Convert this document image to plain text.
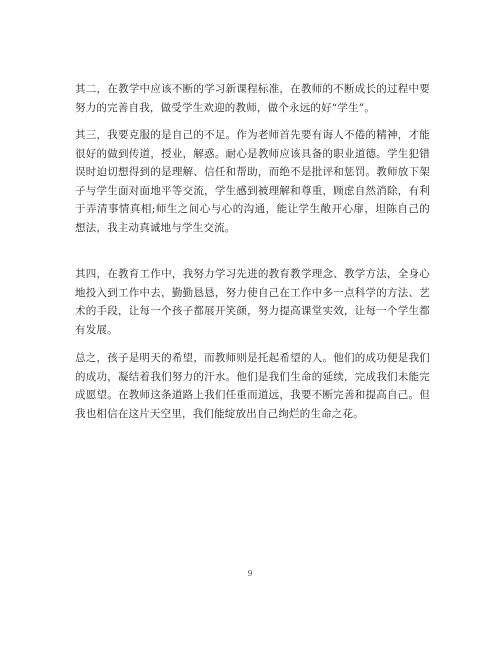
其二，在教学中应该不断的学习新课程标准，在教师的不断成长的过程中要努力的完善自我，做受学生欢迎的教师，做个永远的好“学生”。

其三，我要克服的是自己的不足。作为老师首先要有诲人不倦的精神，才能很好的做到传道，授业，解惑。耐心是教师应该具备的职业道德。学生犯错误时迫切想得到的是理解、信任和帮助，而绝不是批评和惩罚。教师放下架子与学生面对面地平等交流，学生感到被理解和尊重，顾虑自然消除，有利于弄清事情真相;师生之间心与心的沟通，能让学生敞开心扉，坦陈自己的想法，我主动真诚地与学生交流。

其四，在教育工作中，我努力学习先进的教育教学理念、教学方法，全身心地投入到工作中去，勤勤恳恳，努力使自己在工作中多一点科学的方法、艺术的手段，让每一个孩子都展开笑颜，努力提高课堂实效，让每一个学生都有发展。

总之，孩子是明天的希望，而教师则是托起希望的人。他们的成功便是我们的成功，凝结着我们努力的汗水。他们是我们生命的延续，完成我们未能完成愿望。在教师这条道路上我们任重而道远，我要不断完善和提高自己。但我也相信在这片天空里，我们能绽放出自己绚烂的生命之花。

9
